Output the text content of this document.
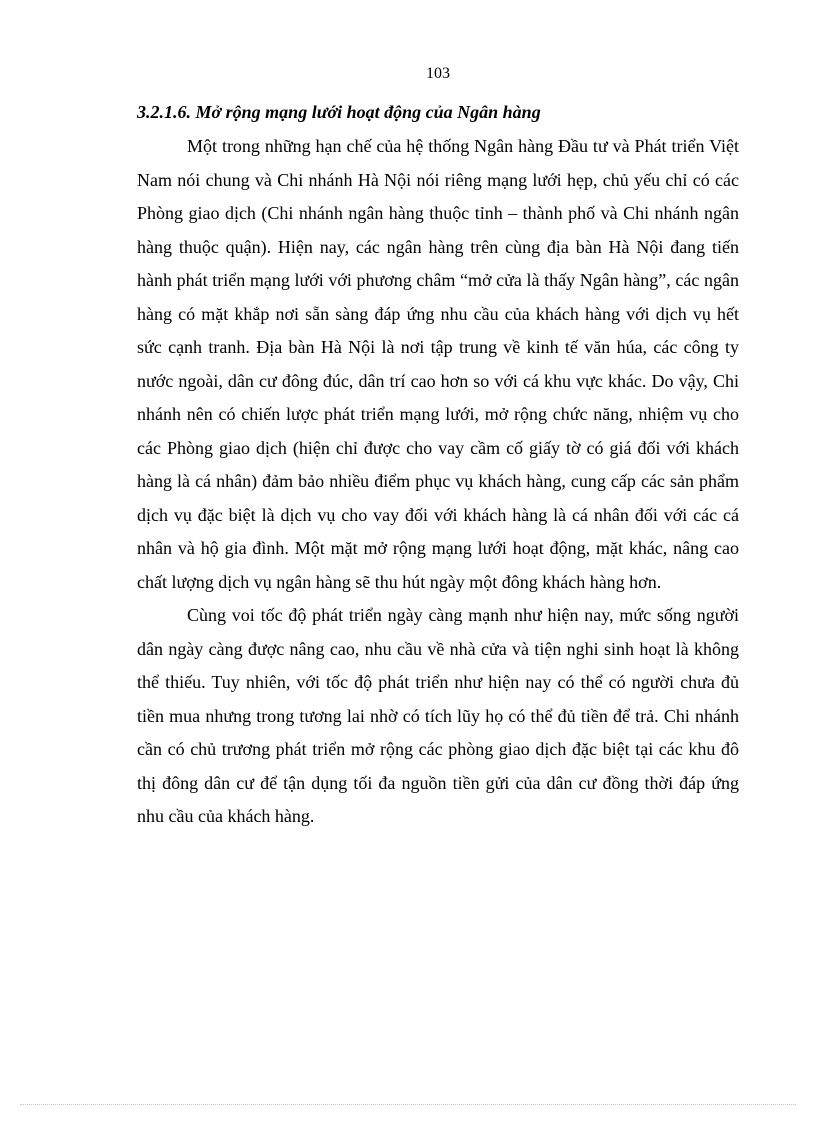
103
3.2.1.6. Mở rộng mạng lưới hoạt động của Ngân hàng

Một trong những hạn chế của hệ thống Ngân hàng Đầu tư và Phát triển Việt Nam nói chung và Chi nhánh Hà Nội nói riêng mạng lưới hẹp, chủ yếu chỉ có các Phòng giao dịch (Chi nhánh ngân hàng thuộc tỉnh – thành phố và Chi nhánh ngân hàng thuộc quận). Hiện nay, các ngân hàng trên cùng địa bàn Hà Nội đang tiến hành phát triển mạng lưới với phương châm “mở cửa là thấy Ngân hàng”, các ngân hàng có mặt khắp nơi sẵn sàng đáp ứng nhu cầu của khách hàng với dịch vụ hết sức cạnh tranh. Địa bàn Hà Nội là nơi tập trung về kinh tế văn húa, các công ty nước ngoài, dân cư đông đúc, dân trí cao hơn so với cá khu vực khác. Do vậy, Chi nhánh nên có chiến lược phát triển mạng lưới, mở rộng chức năng, nhiệm vụ cho các Phòng giao dịch (hiện chỉ được cho vay cầm cố giấy tờ có giá đối với khách hàng là cá nhân) đảm bảo nhiều điểm phục vụ khách hàng, cung cấp các sản phẩm dịch vụ đặc biệt là dịch vụ cho vay đối với khách hàng là cá nhân đối với các cá nhân và hộ gia đình. Một mặt mở rộng mạng lưới hoạt động, mặt khác, nâng cao chất lượng dịch vụ ngân hàng sẽ thu hút ngày một đông khách hàng hơn.

Cùng voi tốc độ phát triển ngày càng mạnh như hiện nay, mức sống người dân ngày càng được nâng cao, nhu cầu về nhà cửa và tiện nghi sinh hoạt là không thể thiếu. Tuy nhiên, với tốc độ phát triển như hiện nay có thể có người chưa đủ tiền mua nhưng trong tương lai nhờ có tích lũy họ có thể đủ tiền để trả. Chi nhánh cần có chủ trương phát triển mở rộng các phòng giao dịch đặc biệt tại các khu đô thị đông dân cư để tận dụng tối đa nguồn tiền gửi của dân cư đồng thời đáp ứng nhu cầu của khách hàng.
